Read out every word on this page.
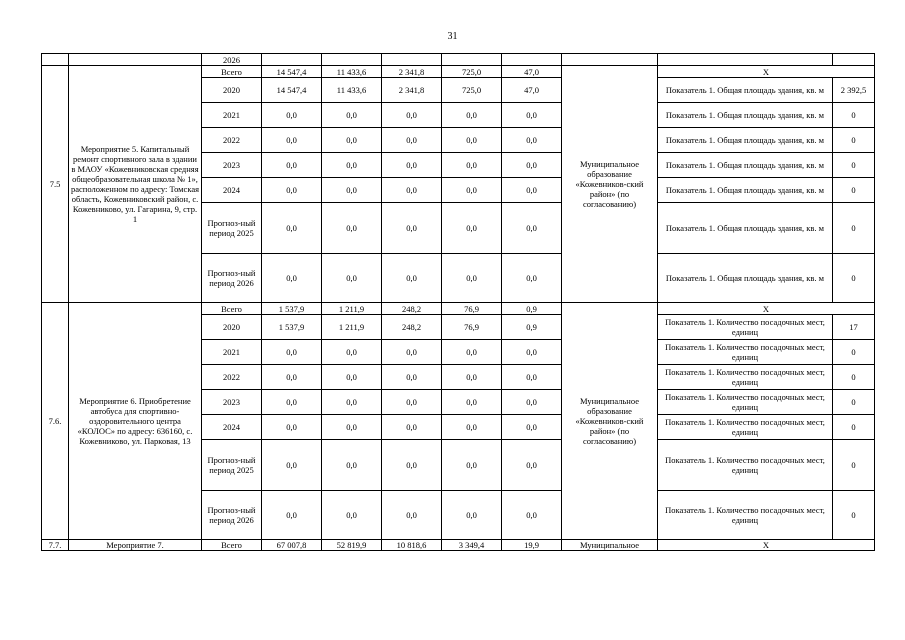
31
		2026								
7.5	Мероприятие 5. Капитальный ремонт спортивного зала в здании в МАОУ «Кожевниковская средняя общеобразовательная школа № 1», расположенном по адресу: Томская область, Кожевниковский район, с. Кожевниково, ул. Гагарина, 9, стр. 1	Всего	14 547,4	11 433,6	2 341,8	725,0	47,0	Муниципальное образование «Кожевников-ский район» (по согласованию)	Х	
		2020	14 547,4	11 433,6	2 341,8	725,0	47,0		Показатель 1. Общая площадь здания, кв. м	2 392,5
		2021	0,0	0,0	0,0	0,0	0,0		Показатель 1. Общая площадь здания, кв. м	0
		2022	0,0	0,0	0,0	0,0	0,0		Показатель 1. Общая площадь здания, кв. м	0
		2023	0,0	0,0	0,0	0,0	0,0		Показатель 1. Общая площадь здания, кв. м	0
		2024	0,0	0,0	0,0	0,0	0,0		Показатель 1. Общая площадь здания, кв. м	0
		Прогноз-ный период 2025	0,0	0,0	0,0	0,0	0,0		Показатель 1. Общая площадь здания, кв. м	0
		Прогноз-ный период 2026	0,0	0,0	0,0	0,0	0,0		Показатель 1. Общая площадь здания, кв. м	0
7.6.	Мероприятие 6. Приобретение автобуса для спортивно-оздоровительного центра «КОЛОС» по адресу: 636160, с. Кожевниково, ул. Парковая, 13	Всего	1 537,9	1 211,9	248,2	76,9	0,9	Муниципальное образование «Кожевников-ский район» (по согласованию)	Х	
		2020	1 537,9	1 211,9	248,2	76,9	0,9		Показатель 1. Количество посадочных мест, единиц	17
		2021	0,0	0,0	0,0	0,0	0,0		Показатель 1. Количество посадочных мест, единиц	0
		2022	0,0	0,0	0,0	0,0	0,0		Показатель 1. Количество посадочных мест, единиц	0
		2023	0,0	0,0	0,0	0,0	0,0		Показатель 1. Количество посадочных мест, единиц	0
		2024	0,0	0,0	0,0	0,0	0,0		Показатель 1. Количество посадочных мест, единиц	0
		Прогноз-ный период 2025	0,0	0,0	0,0	0,0	0,0		Показатель 1. Количество посадочных мест, единиц	0
		Прогноз-ный период 2026	0,0	0,0	0,0	0,0	0,0		Показатель 1. Количество посадочных мест, единиц	0
7.7.	Мероприятие 7.	Всего	67 007,8	52 819,9	10 818,6	3 349,4	19,9	Муниципальное	Х	
